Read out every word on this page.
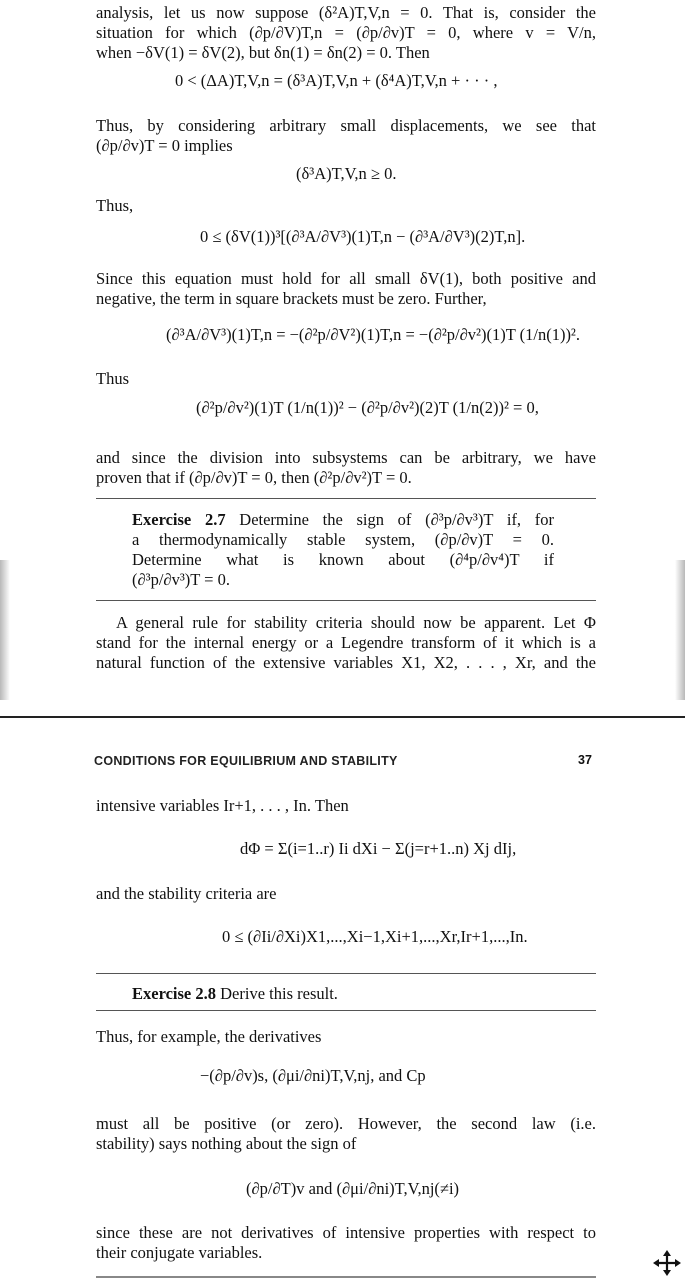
analysis, let us now suppose (δ²A)T,V,n = 0. That is, consider the
situation for which (∂p/∂V)T,n = (∂p/∂v)T = 0, where v = V/n,
when −δV(1) = δV(2), but δn(1) = δn(2) = 0. Then
0 < (ΔA)T,V,n = (δ³A)T,V,n + (δ⁴A)T,V,n + · · · ,
Thus, by considering arbitrary small displacements, we see that
(∂p/∂v)T = 0 implies
(δ³A)T,V,n ≥ 0.
Thus,
0 ≤ (δV(1))³[(∂³A/∂V³)(1)T,n − (∂³A/∂V³)(2)T,n].
Since this equation must hold for all small δV(1), both positive and
negative, the term in square brackets must be zero. Further,
(∂³A/∂V³)(1)T,n = −(∂²p/∂V²)(1)T,n = −(∂²p/∂v²)(1)T (1/n(1))².
Thus
(∂²p/∂v²)(1)T (1/n(1))² − (∂²p/∂v²)(2)T (1/n(2))² = 0,
and since the division into subsystems can be arbitrary, we have
proven that if (∂p/∂v)T = 0, then (∂²p/∂v²)T = 0.
Exercise 2.7 Determine the sign of (∂³p/∂v³)T if, for
a thermodynamically stable system, (∂p/∂v)T = 0.
Determine what is known about (∂⁴p/∂v⁴)T if
(∂³p/∂v³)T = 0.
A general rule for stability criteria should now be apparent. Let Φ
stand for the internal energy or a Legendre transform of it which is a
natural function of the extensive variables X1, X2, . . . , Xr, and the
CONDITIONS FOR EQUILIBRIUM AND STABILITY	37
intensive variables Ir+1, . . . , In. Then
dΦ = Σ(i=1..r) Ii dXi − Σ(j=r+1..n) Xj dIj,
and the stability criteria are
0 ≤ (∂Ii/∂Xi)X1,...,Xi−1,Xi+1,...,Xr,Ir+1,...,In.
Exercise 2.8 Derive this result.
Thus, for example, the derivatives
−(∂p/∂v)s, (∂μi/∂ni)T,V,nj, and Cp
must all be positive (or zero). However, the second law (i.e.
stability) says nothing about the sign of
(∂p/∂T)v and (∂μi/∂ni)T,V,nj(≠i)
since these are not derivatives of intensive properties with respect to
their conjugate variables.
